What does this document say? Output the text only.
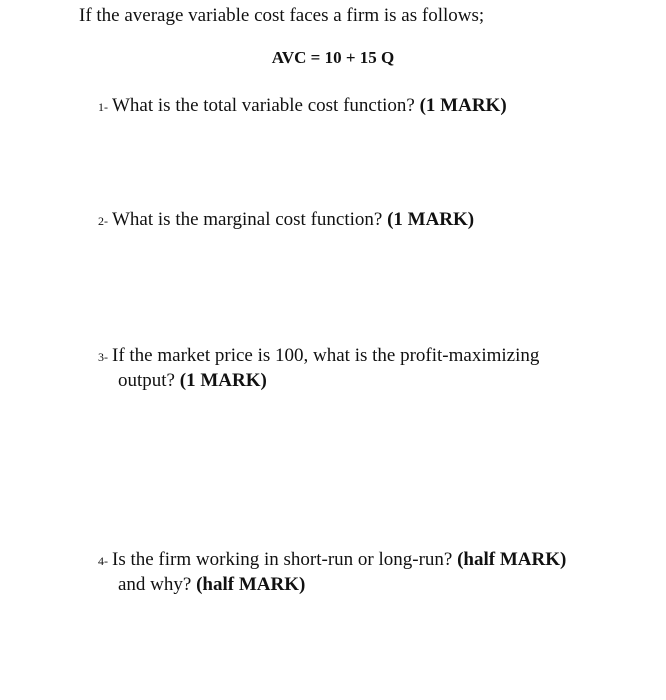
If the average variable cost faces a firm is as follows;
AVC = 10 + 15 Q
1- What is the total variable cost function? (1 MARK)
2- What is the marginal cost function? (1 MARK)
3- If the market price is 100, what is the profit-maximizing
output? (1 MARK)
4- Is the firm working in short-run or long-run? (half MARK)
and why? (half MARK)
